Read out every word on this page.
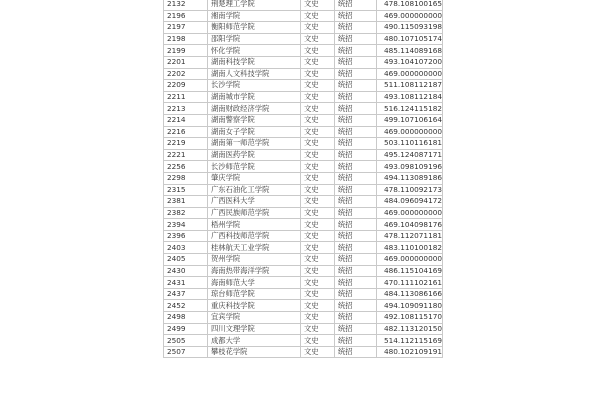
2132	荆楚理工学院	文史	统招	478.108100165
2196	湘南学院	文史	统招	469.000000000
2197	衡阳师范学院	文史	统招	490.115093198
2198	邵阳学院	文史	统招	480.107105174
2199	怀化学院	文史	统招	485.114089168
2201	湖南科技学院	文史	统招	493.104107200
2202	湖南人文科技学院	文史	统招	469.000000000
2209	长沙学院	文史	统招	511.108112187
2211	湖南城市学院	文史	统招	493.108112184
2213	湖南财政经济学院	文史	统招	516.124115182
2214	湖南警察学院	文史	统招	499.107106164
2216	湖南女子学院	文史	统招	469.000000000
2219	湖南第一师范学院	文史	统招	503.110116181
2221	湖南医药学院	文史	统招	495.124087171
2256	长沙师范学院	文史	统招	493.098109196
2298	肇庆学院	文史	统招	494.113089186
2315	广东石油化工学院	文史	统招	478.110092173
2381	广西医科大学	文史	统招	484.096094172
2382	广西民族师范学院	文史	统招	469.000000000
2394	梧州学院	文史	统招	469.104098176
2396	广西科技师范学院	文史	统招	478.112071181
2403	桂林航天工业学院	文史	统招	483.110100182
2405	贺州学院	文史	统招	469.000000000
2430	海南热带海洋学院	文史	统招	486.115104169
2431	海南师范大学	文史	统招	470.111102161
2437	琼台师范学院	文史	统招	484.113086166
2452	重庆科技学院	文史	统招	494.109091180
2498	宜宾学院	文史	统招	492.108115170
2499	四川文理学院	文史	统招	482.113120150
2505	成都大学	文史	统招	514.112115169
2507	攀枝花学院	文史	统招	480.102109191
